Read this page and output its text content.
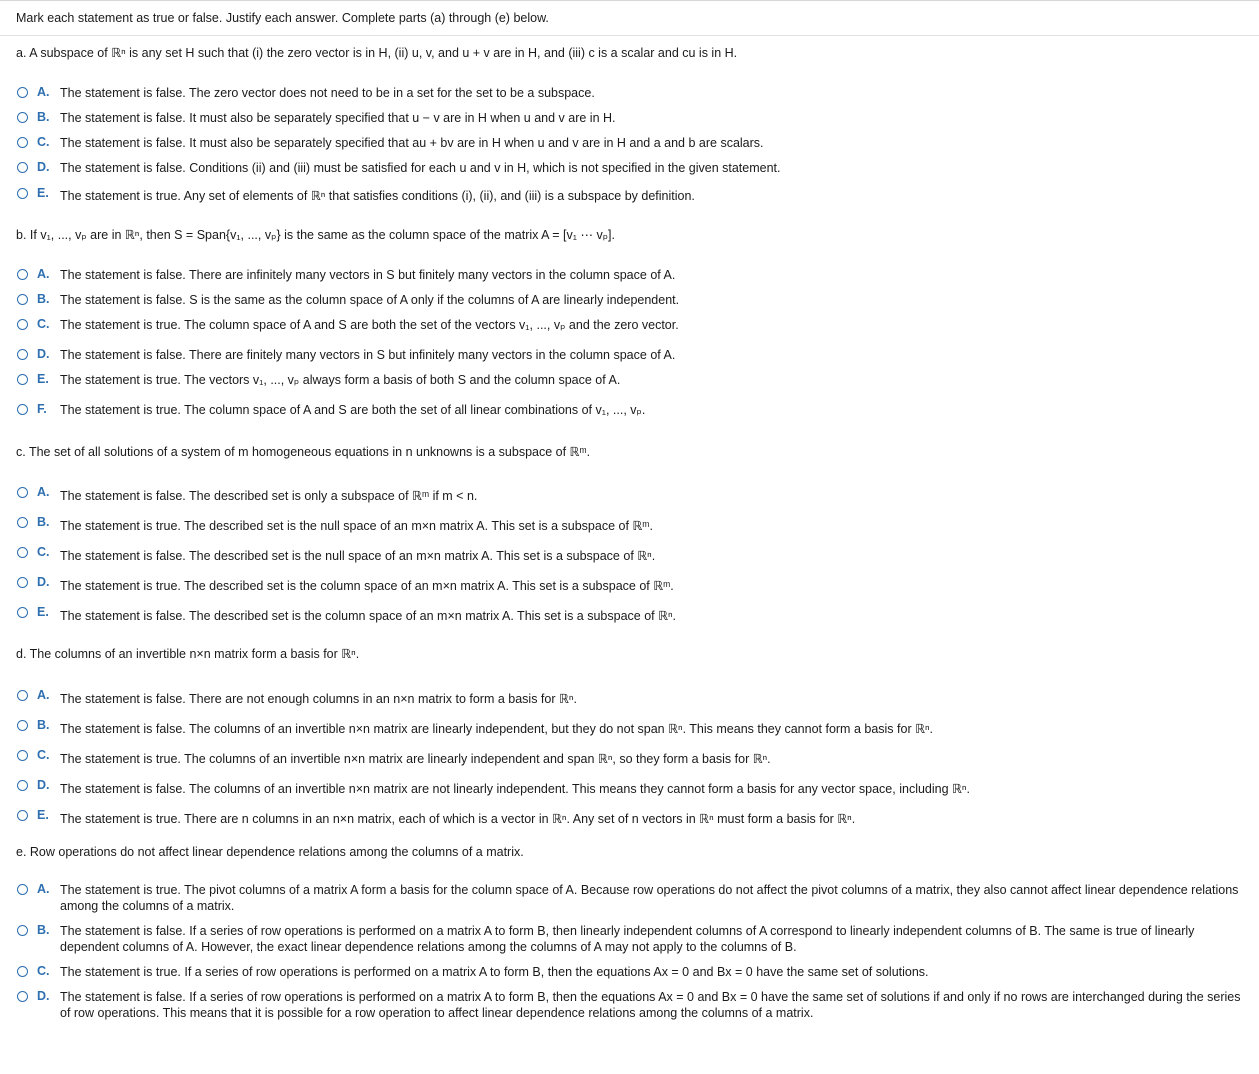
Mark each statement as true or false. Justify each answer. Complete parts (a) through (e) below.
a. A subspace of ℝⁿ is any set H such that (i) the zero vector is in H, (ii) u, v, and u + v are in H, and (iii) c is a scalar and cu is in H.
A. The statement is false. The zero vector does not need to be in a set for the set to be a subspace.
B. The statement is false. It must also be separately specified that u − v are in H when u and v are in H.
C. The statement is false. It must also be separately specified that au + bv are in H when u and v are in H and a and b are scalars.
D. The statement is false. Conditions (ii) and (iii) must be satisfied for each u and v in H, which is not specified in the given statement.
E. The statement is true. Any set of elements of ℝⁿ that satisfies conditions (i), (ii), and (iii) is a subspace by definition.
b. If v₁, ..., vₚ are in ℝⁿ, then S = Span{v₁, ..., vₚ} is the same as the column space of the matrix A = [v₁ ⋯ vₚ].
A. The statement is false. There are infinitely many vectors in S but finitely many vectors in the column space of A.
B. The statement is false. S is the same as the column space of A only if the columns of A are linearly independent.
C. The statement is true. The column space of A and S are both the set of the vectors v₁, ..., vₚ and the zero vector.
D. The statement is false. There are finitely many vectors in S but infinitely many vectors in the column space of A.
E. The statement is true. The vectors v₁, ..., vₚ always form a basis of both S and the column space of A.
F. The statement is true. The column space of A and S are both the set of all linear combinations of v₁, ..., vₚ.
c. The set of all solutions of a system of m homogeneous equations in n unknowns is a subspace of ℝᵐ.
A. The statement is false. The described set is only a subspace of ℝᵐ if m < n.
B. The statement is true. The described set is the null space of an m×n matrix A. This set is a subspace of ℝᵐ.
C. The statement is false. The described set is the null space of an m×n matrix A. This set is a subspace of ℝⁿ.
D. The statement is true. The described set is the column space of an m×n matrix A. This set is a subspace of ℝᵐ.
E. The statement is false. The described set is the column space of an m×n matrix A. This set is a subspace of ℝⁿ.
d. The columns of an invertible n×n matrix form a basis for ℝⁿ.
A. The statement is false. There are not enough columns in an n×n matrix to form a basis for ℝⁿ.
B. The statement is false. The columns of an invertible n×n matrix are linearly independent, but they do not span ℝⁿ. This means they cannot form a basis for ℝⁿ.
C. The statement is true. The columns of an invertible n×n matrix are linearly independent and span ℝⁿ, so they form a basis for ℝⁿ.
D. The statement is false. The columns of an invertible n×n matrix are not linearly independent. This means they cannot form a basis for any vector space, including ℝⁿ.
E. The statement is true. There are n columns in an n×n matrix, each of which is a vector in ℝⁿ. Any set of n vectors in ℝⁿ must form a basis for ℝⁿ.
e. Row operations do not affect linear dependence relations among the columns of a matrix.
A. The statement is true. The pivot columns of a matrix A form a basis for the column space of A. Because row operations do not affect the pivot columns of a matrix, they also cannot affect linear dependence relations among the columns of a matrix.
B. The statement is false. If a series of row operations is performed on a matrix A to form B, then linearly independent columns of A correspond to linearly independent columns of B. The same is true of linearly dependent columns of A. However, the exact linear dependence relations among the columns of A may not apply to the columns of B.
C. The statement is true. If a series of row operations is performed on a matrix A to form B, then the equations Ax = 0 and Bx = 0 have the same set of solutions.
D. The statement is false. If a series of row operations is performed on a matrix A to form B, then the equations Ax = 0 and Bx = 0 have the same set of solutions if and only if no rows are interchanged during the series of row operations. This means that it is possible for a row operation to affect linear dependence relations among the columns of a matrix.
